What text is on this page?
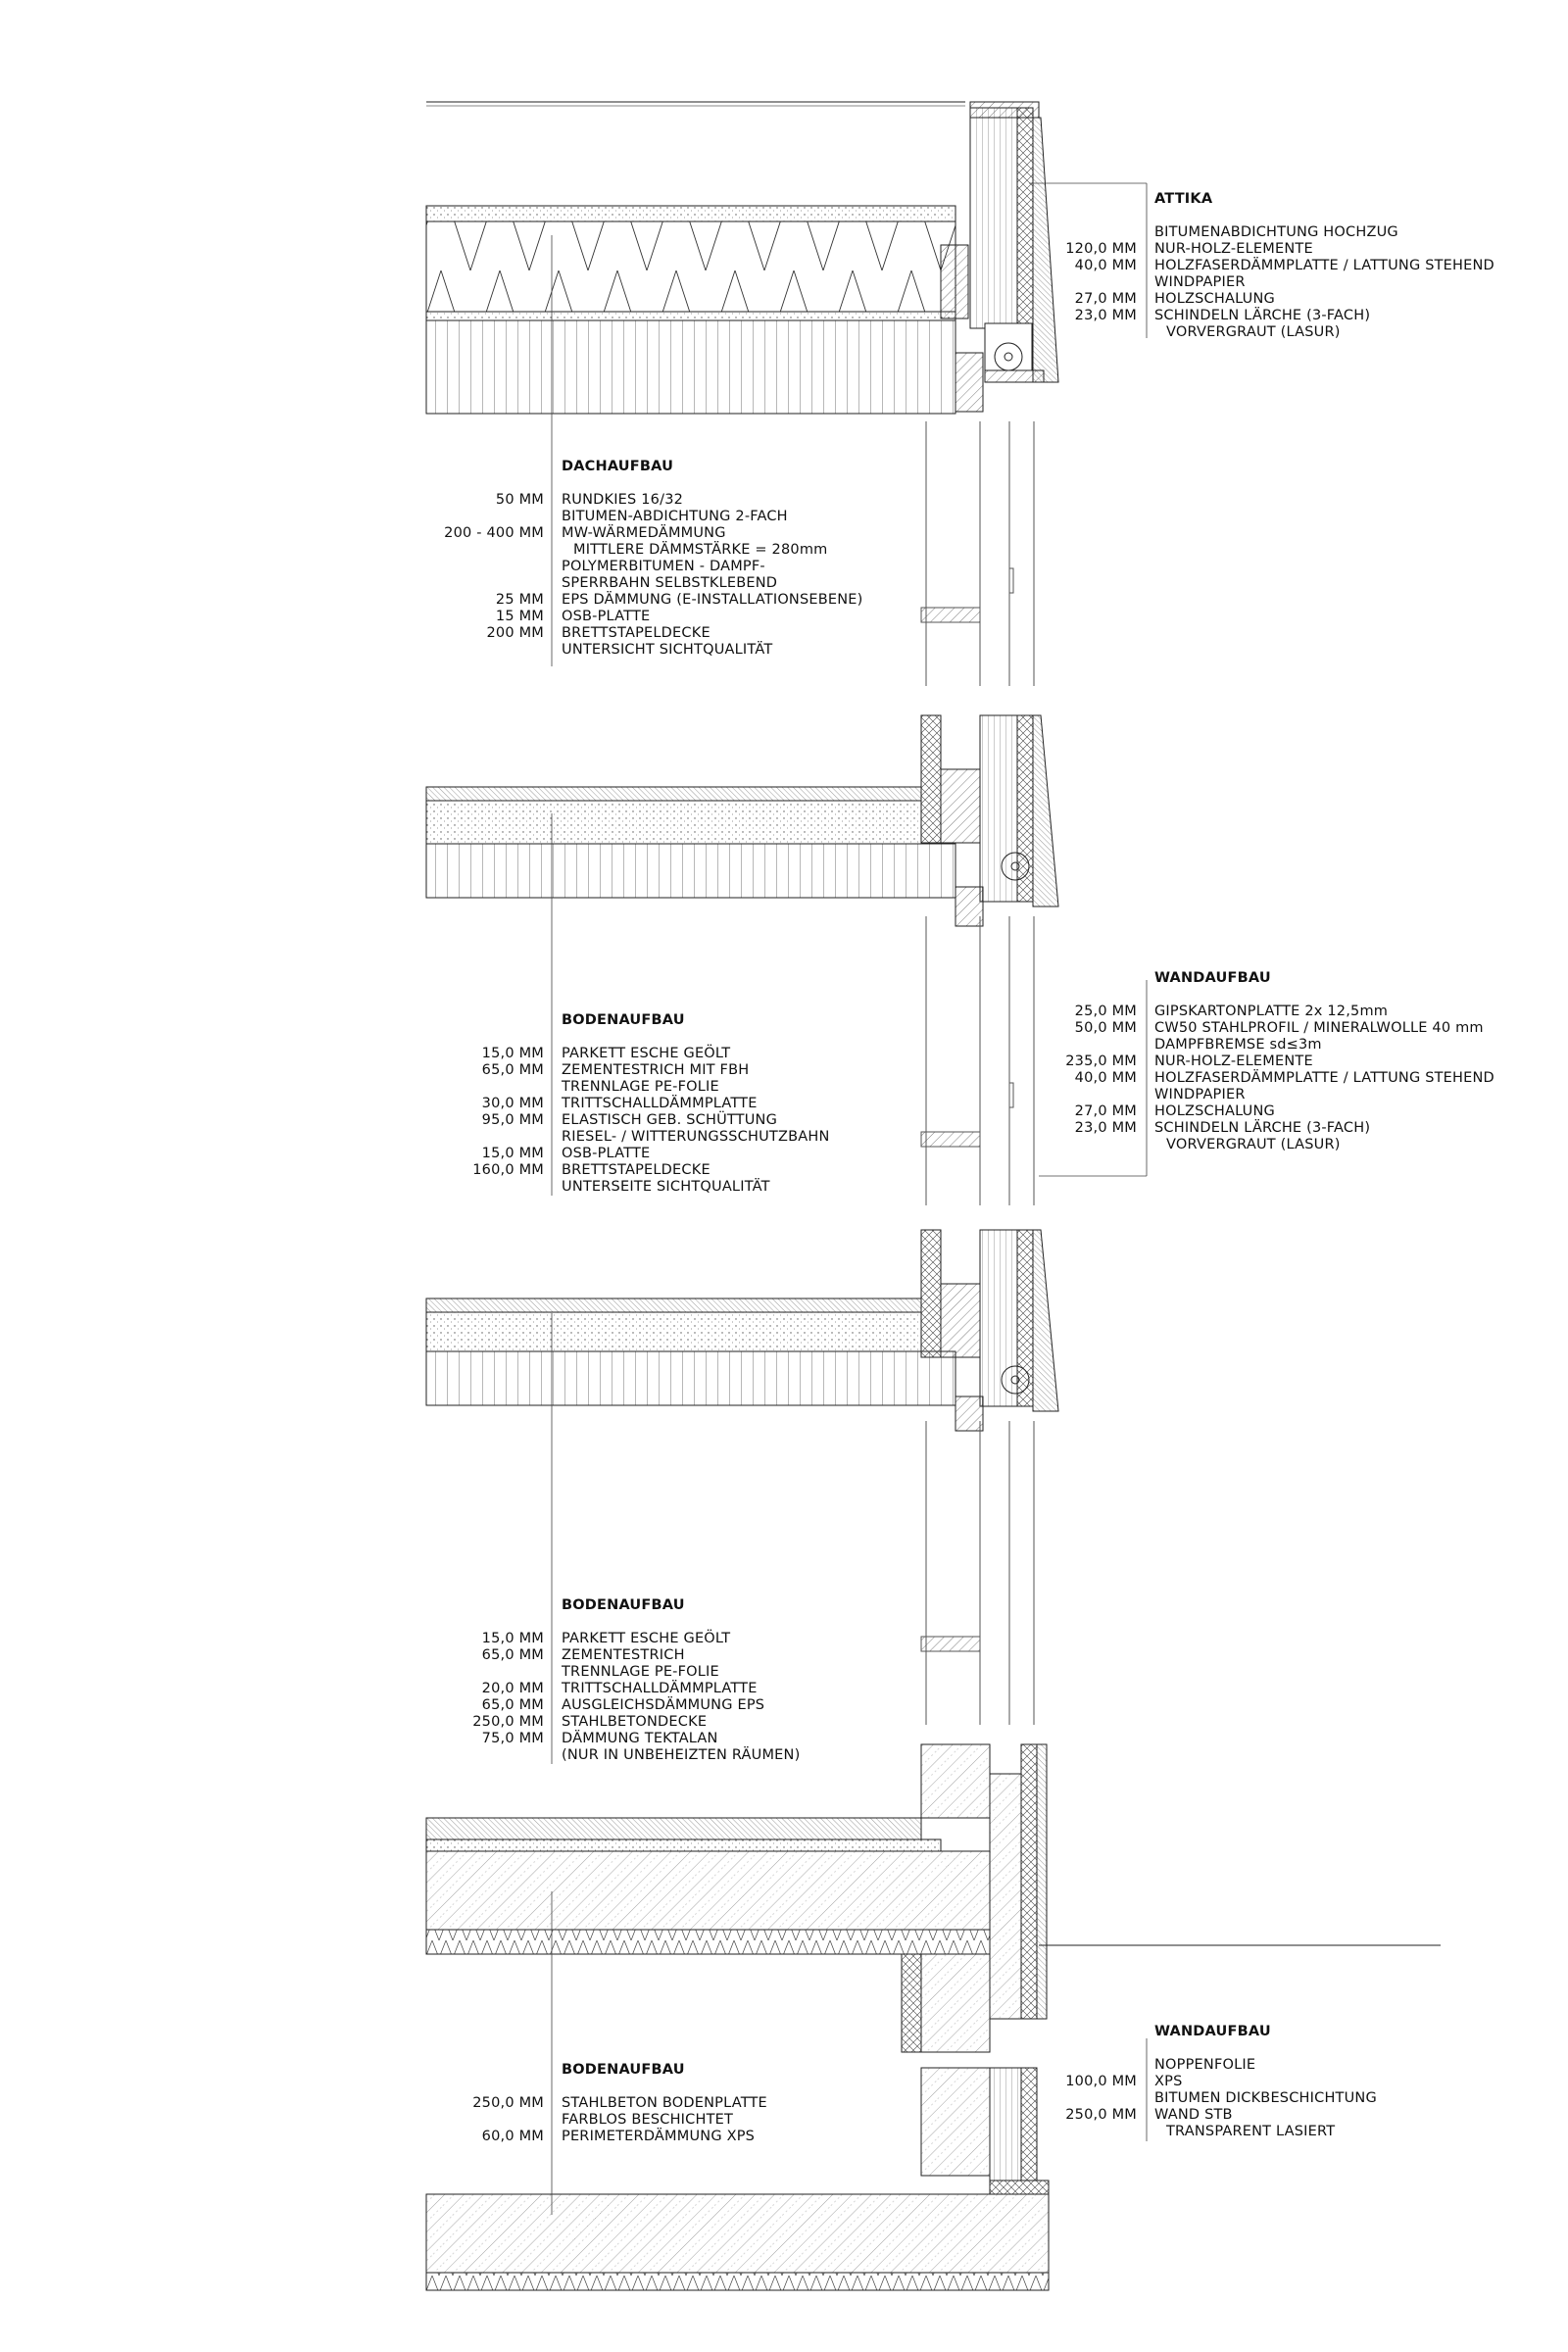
ATTIKA
BITUMENABDICHTUNG HOCHZUG
NUR-HOLZ-ELEMENTE
HOLZFASERDÄMMPLATTE / LATTUNG STEHEND
WINDPAPIER
HOLZSCHALUNG
SCHINDELN LÄRCHE (3-FACH)
VORVERGRAUT (LASUR)
120,0 MM
40,0 MM
27,0 MM
23,0 MM
DACHAUFBAU
RUNDKIES 16/32
BITUMEN-ABDICHTUNG 2-FACH
MW-WÄRMEDÄMMUNG
MITTLERE DÄMMSTÄRKE = 280mm
POLYMERBITUMEN - DAMPF-
SPERRBAHN SELBSTKLEBEND
EPS DÄMMUNG (E-INSTALLATIONSEBENE)
OSB-PLATTE
BRETTSTAPELDECKE
UNTERSICHT SICHTQUALITÄT
50 MM
200 - 400 MM
25 MM
15 MM
200 MM
WANDAUFBAU
GIPSKARTONPLATTE 2x 12,5mm
CW50 STAHLPROFIL / MINERALWOLLE 40 mm
DAMPFBREMSE sd≤3m
NUR-HOLZ-ELEMENTE
HOLZFASERDÄMMPLATTE / LATTUNG STEHEND
WINDPAPIER
HOLZSCHALUNG
SCHINDELN LÄRCHE (3-FACH)
VORVERGRAUT (LASUR)
25,0 MM
50,0 MM
235,0 MM
40,0 MM
27,0 MM
23,0 MM
BODENAUFBAU
PARKETT ESCHE GEÖLT
ZEMENTESTRICH MIT FBH
TRENNLAGE PE-FOLIE
TRITTSCHALLDÄMMPLATTE
ELASTISCH GEB. SCHÜTTUNG
RIESEL- / WITTERUNGSSCHUTZBAHN
OSB-PLATTE
BRETTSTAPELDECKE
UNTERSEITE SICHTQUALITÄT
15,0 MM
65,0 MM
30,0 MM
95,0 MM
15,0 MM
160,0 MM
BODENAUFBAU
PARKETT ESCHE GEÖLT
ZEMENTESTRICH
TRENNLAGE PE-FOLIE
TRITTSCHALLDÄMMPLATTE
AUSGLEICHSDÄMMUNG EPS
STAHLBETONDECKE
DÄMMUNG TEKTALAN
(NUR IN UNBEHEIZTEN RÄUMEN)
15,0 MM
65,0 MM
20,0 MM
65,0 MM
250,0 MM
75,0 MM
WANDAUFBAU
NOPPENFOLIE
XPS
BITUMEN DICKBESCHICHTUNG
WAND STB
TRANSPARENT LASIERT
100,0 MM
250,0 MM
BODENAUFBAU
STAHLBETON BODENPLATTE
FARBLOS BESCHICHTET
PERIMETERDÄMMUNG XPS
250,0 MM
60,0 MM
